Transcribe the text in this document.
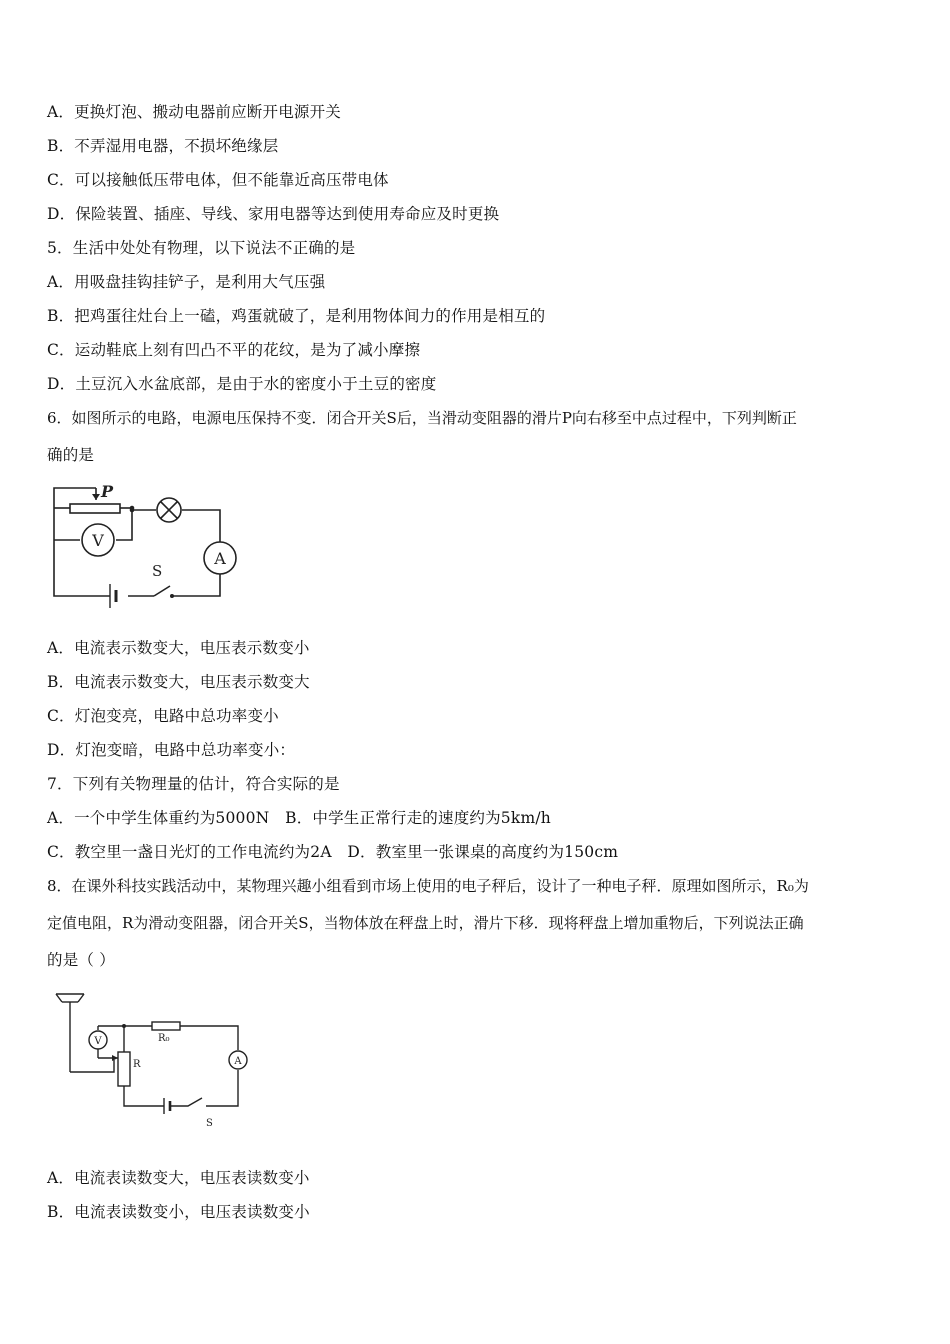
A．更换灯泡、搬动电器前应断开电源开关
B．不弄湿用电器，不损坏绝缘层
C．可以接触低压带电体，但不能靠近高压带电体
D．保险装置、插座、导线、家用电器等达到使用寿命应及时更换
5．生活中处处有物理，以下说法不正确的是
A．用吸盘挂钩挂铲子，是利用大气压强
B．把鸡蛋往灶台上一磕，鸡蛋就破了，是利用物体间力的作用是相互的
C．运动鞋底上刻有凹凸不平的花纹，是为了减小摩擦
D．土豆沉入水盆底部，是由于水的密度小于土豆的密度
6．如图所示的电路，电源电压保持不变．闭合开关S后，当滑动变阻器的滑片P向右移至中点过程中，下列判断正
确的是
P
V
A
S
A．电流表示数变大，电压表示数变小
B．电流表示数变大，电压表示数变大
C．灯泡变亮，电路中总功率变小
D．灯泡变暗，电路中总功率变小：
7．下列有关物理量的估计，符合实际的是
A．一个中学生体重约为5000N　B．中学生正常行走的速度约为5km/h
C．教空里一盏日光灯的工作电流约为2A　D．教室里一张课桌的高度约为150cm
8．在课外科技实践活动中，某物理兴趣小组看到市场上使用的电子秤后，设计了一种电子秤．原理如图所示，R₀为
定值电阻，R为滑动变阻器，闭合开关S，当物体放在秤盘上时，滑片下移．现将秤盘上增加重物后，下列说法正确
的是（ ）
R₀
R
V
A
S
A．电流表读数变大，电压表读数变小
B．电流表读数变小，电压表读数变小
